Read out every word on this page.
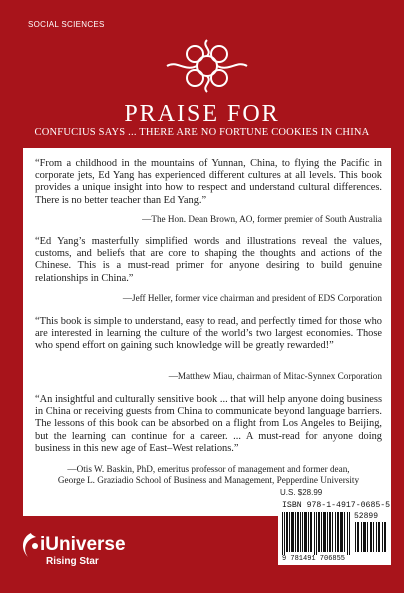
SOCIAL SCIENCES
PRAISE FOR
CONFUCIUS SAYS ... THERE ARE NO FORTUNE COOKIES IN CHINA
“From a childhood in the mountains of Yunnan, China, to flying the Pacific in corporate jets, Ed Yang has experienced different cultures at all levels. This book provides a unique insight into how to respect and understand cultural differences. There is no better teacher than Ed Yang.”
—The Hon. Dean Brown, AO, former premier of South Australia
“Ed Yang’s masterfully simplified words and illustrations reveal the values, customs, and beliefs that are core to shaping the thoughts and actions of the Chinese. This is a must-read primer for anyone desiring to build genuine relationships in China.”
—Jeff Heller, former vice chairman and president of EDS Corporation
“This book is simple to understand, easy to read, and perfectly timed for those who are interested in learning the culture of the world’s two largest economies. Those who spend effort on gaining such knowledge will be greatly rewarded!”
—Matthew Miau, chairman of Mitac-Synnex Corporation
“An insightful and culturally sensitive book ... that will help anyone doing business in China or receiving guests from China to communicate beyond language barriers. The lessons of this book can be absorbed on a flight from Los Angeles to Beijing, but the learning can continue for a career. ... A must-read for anyone doing business in this new age of East–West relations.”
—Otis W. Baskin, PhD, emeritus professor of management and former dean,
George L. Graziadio School of Business and Management, Pepperdine University
U.S. $28.99
ISBN 978-1-4917-0685-5
52899
9 781491 706855
iUniverse
Rising Star
